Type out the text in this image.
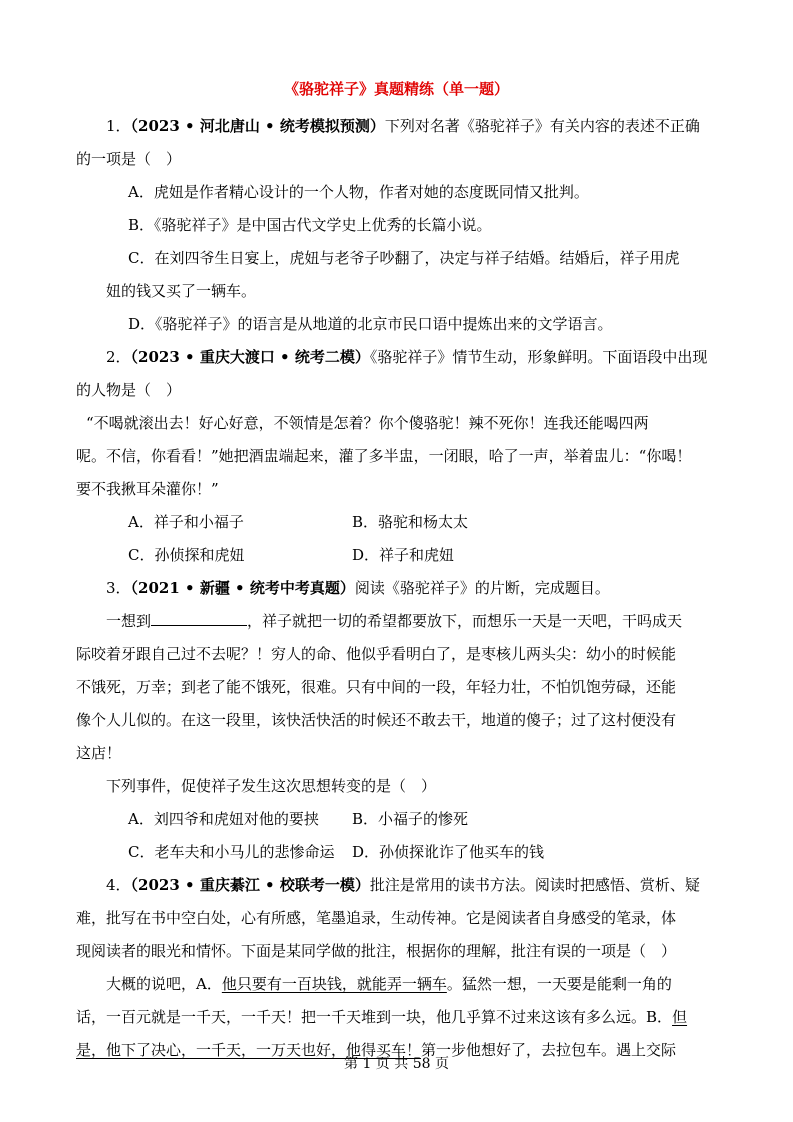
《骆驼祥子》真题精练（单一题）
1．（2023 • 河北唐山 • 统考模拟预测）下列对名著《骆驼祥子》有关内容的表述不正确
的一项是（　）
A．虎妞是作者精心设计的一个人物，作者对她的态度既同情又批判。
B．《骆驼祥子》是中国古代文学史上优秀的长篇小说。
C．在刘四爷生日宴上，虎妞与老爷子吵翻了，决定与祥子结婚。结婚后，祥子用虎
妞的钱又买了一辆车。
D．《骆驼祥子》的语言是从地道的北京市民口语中提炼出来的文学语言。
2．（2023 • 重庆大渡口 • 统考二模）《骆驼祥子》情节生动，形象鲜明。下面语段中出现
的人物是（　）
“不喝就滚出去！好心好意，不领情是怎着？你个傻骆驼！辣不死你！连我还能喝四两
呢。不信，你看看！”她把酒盅端起来，灌了多半盅，一闭眼，哈了一声，举着盅儿：“你喝！
要不我揪耳朵灌你！”
A．祥子和小福子	B．骆驼和杨太太
C．孙侦探和虎妞	D．祥子和虎妞
3．（2021 • 新疆 • 统考中考真题）阅读《骆驼祥子》的片断，完成题目。
一想到	，祥子就把一切的希望都要放下，而想乐一天是一天吧，干吗成天
际咬着牙跟自己过不去呢？！穷人的命、他似乎看明白了，是枣核儿两头尖：幼小的时候能
不饿死，万幸；到老了能不饿死，很难。只有中间的一段，年轻力壮，不怕饥饱劳碌，还能
像个人儿似的。在这一段里，该快活快活的时候还不敢去干，地道的傻子；过了这村便没有
这店！
下列事件，促使祥子发生这次思想转变的是（　）
A．刘四爷和虎妞对他的要挟	B．小福子的惨死
C．老车夫和小马儿的悲惨命运	D．孙侦探讹诈了他买车的钱
4．（2023 • 重庆綦江 • 校联考一模）批注是常用的读书方法。阅读时把感悟、赏析、疑
难，批写在书中空白处，心有所感，笔墨追录，生动传神。它是阅读者自身感受的笔录，体
现阅读者的眼光和情怀。下面是某同学做的批注，根据你的理解，批注有误的一项是（　）
大概的说吧，A．他只要有一百块钱，就能弄一辆车。猛然一想，一天要是能剩一角的
话，一百元就是一千天，一千天！把一千天堆到一块，他几乎算不过来这该有多么远。B．但
是，他下了决心，一千天，一万天也好，他得买车！第一步他想好了，去拉包车。遇上交际
第 1 页 共 58 页
